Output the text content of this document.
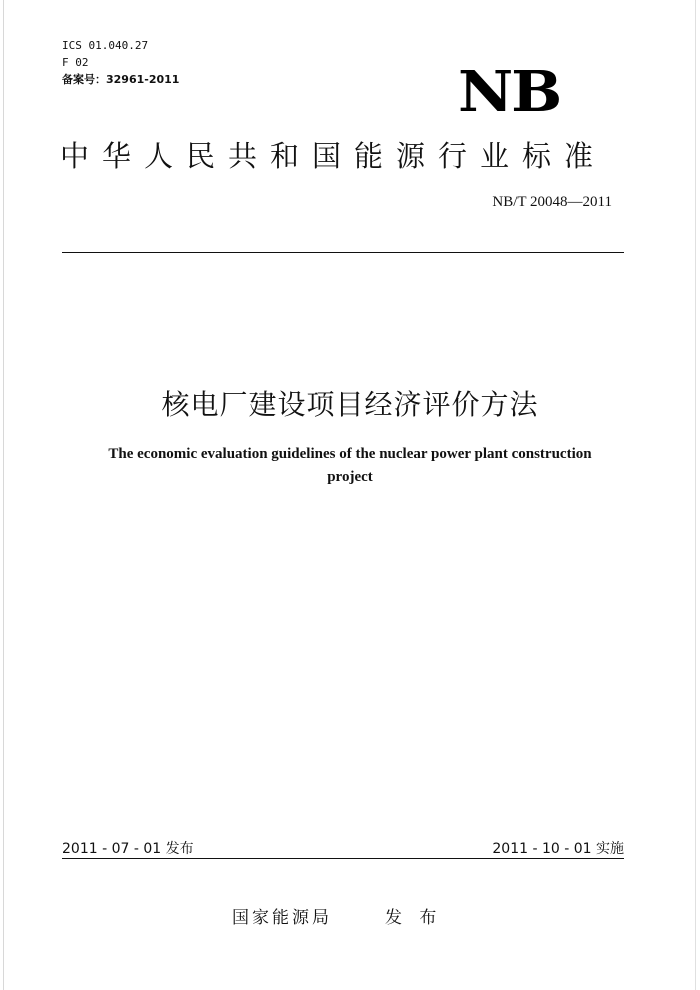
ICS 01.040.27
F 02
备案号：32961-2011	NB
中华人民共和国能源行业标准
NB/T 20048—2011
核电厂建设项目经济评价方法
The economic evaluation guidelines of the nuclear power plant construction
project
2011 - 07 - 01 发布	2011 - 10 - 01 实施
国家能源局	发 布
